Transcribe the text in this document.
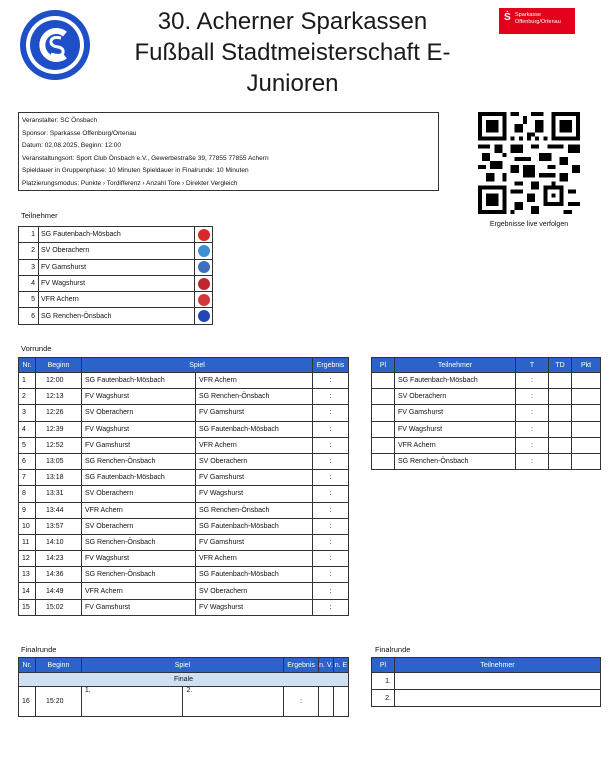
30. Acherner Sparkassen
Fußball Stadtmeisterschaft E-
Junioren
Ṡ Sparkasse
Offenburg/Ortenau
Veranstalter: SC Önsbach
Sponsor: Sparkasse Offenburg/Ortenau
Datum: 02.08.2025, Beginn: 12:00
Veranstaltungsort: Sport Club Önsbach e.V., Gewerbestraße 39, 77855 77855 Achern
Spieldauer in Gruppenphase: 10 Minuten Spieldauer in Finalrunde: 10 Minuten
Platzierungsmodus: Punkte › Tordifferenz › Anzahl Tore › Direkter Vergleich
Ergebnisse live verfolgen
Teilnehmer
1	SG Fautenbach-Mösbach	
2	SV Oberachern	
3	FV Gamshurst	
4	FV Wagshurst	
5	VFR Achern	
6	SG Renchen-Önsbach	
Vorrunde
Nr.	Beginn	Spiel		Ergebnis
1	12:00	SG Fautenbach-Mösbach	VFR Achern	:
2	12:13	FV Wagshurst	SG Renchen-Önsbach	:
3	12:26	SV Oberachern	FV Gamshurst	:
4	12:39	FV Wagshurst	SG Fautenbach-Mösbach	:
5	12:52	FV Gamshurst	VFR Achern	:
6	13:05	SG Renchen-Önsbach	SV Oberachern	:
7	13:18	SG Fautenbach-Mösbach	FV Gamshurst	:
8	13:31	SV Oberachern	FV Wagshurst	:
9	13:44	VFR Achern	SG Renchen-Önsbach	:
10	13:57	SV Oberachern	SG Fautenbach-Mösbach	:
11	14:10	SG Renchen-Önsbach	FV Gamshurst	:
12	14:23	FV Wagshurst	VFR Achern	:
13	14:36	SG Renchen-Önsbach	SG Fautenbach-Mösbach	:
14	14:49	VFR Achern	SV Oberachern	:
15	15:02	FV Gamshurst	FV Wagshurst	:
Pl	Teilnehmer	T	TD	Pkt
	SG Fautenbach-Mösbach	:		
	SV Oberachern	:		
	FV Gamshurst	:		
	FV Wagshurst	:		
	VFR Achern	:		
	SG Renchen-Önsbach	:		
Finalrunde
Nr.	Beginn	Spiel		Ergebnis	n. V.	n. E
Finale						
16	15:20	1.	2.	:		
Finalrunde
Pl	Teilnehmer
1.	
2.	
